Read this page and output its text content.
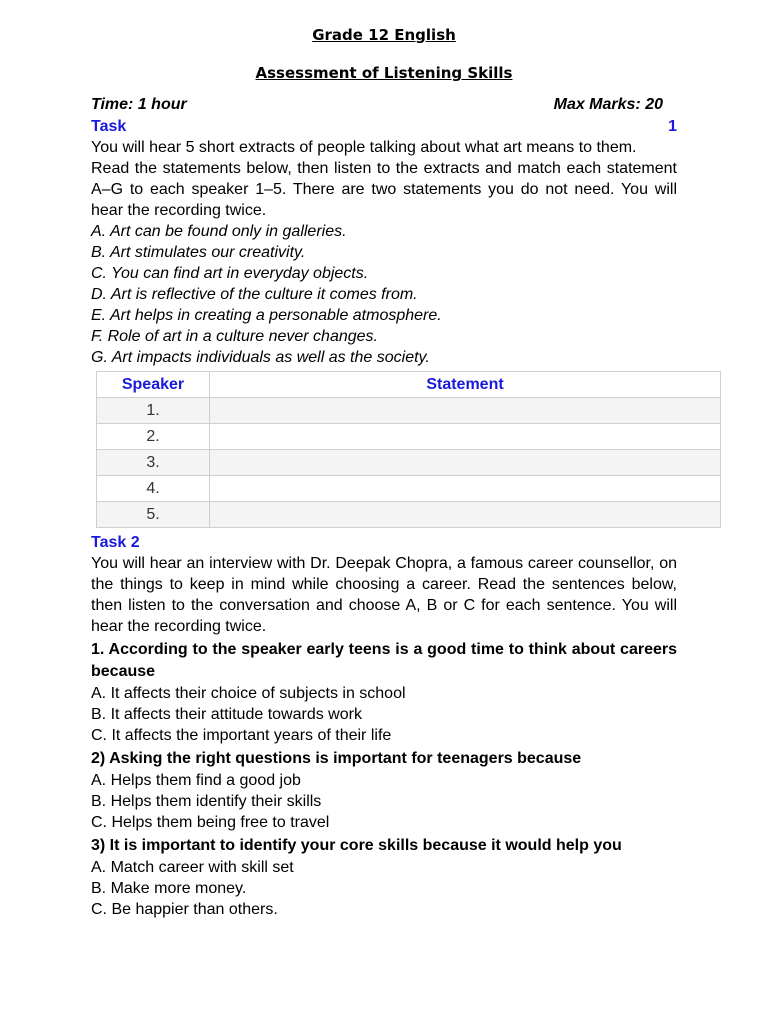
Grade 12 English
Assessment of Listening Skills
Time: 1 hour	Max Marks: 20
Task	1

You will hear 5 short extracts of people talking about what art means to them.

Read the statements below, then listen to the extracts and match each statement A–G to each speaker 1–5. There are two statements you do not need. You will hear the recording twice.

A. Art can be found only in galleries.
B. Art stimulates our creativity.
C. You can find art in everyday objects.
D. Art is reflective of the culture it comes from.
E. Art helps in creating a personable atmosphere.
F. Role of art in a culture never changes.
G. Art impacts individuals as well as the society.
Speaker	Statement
1.	
2.	
3.	
4.	
5.	
Task 2

You will hear an interview with Dr. Deepak Chopra, a famous career counsellor, on the things to keep in mind while choosing a career. Read the sentences below, then listen to the conversation and choose A, B or C for each sentence. You will hear the recording twice.

1. According to the speaker early teens is a good time to think about careers because
A. It affects their choice of subjects in school
B. It affects their attitude towards work
C. It affects the important years of their life
2) Asking the right questions is important for teenagers because
A. Helps them find a good job
B. Helps them identify their skills
C. Helps them being free to travel
3) It is important to identify your core skills because it would help you
A. Match career with skill set
B. Make more money.
C. Be happier than others.
